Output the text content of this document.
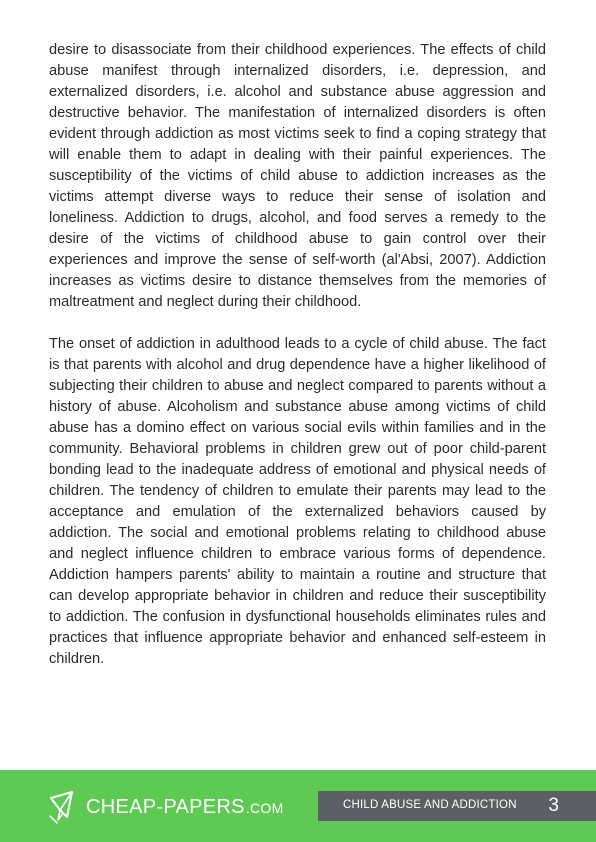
desire to disassociate from their childhood experiences. The effects of child abuse manifest through internalized disorders, i.e. depression, and externalized disorders, i.e. alcohol and substance abuse aggression and destructive behavior. The manifestation of internalized disorders is often evident through addiction as most victims seek to find a coping strategy that will enable them to adapt in dealing with their painful experiences. The susceptibility of the victims of child abuse to addiction increases as the victims attempt diverse ways to reduce their sense of isolation and loneliness. Addiction to drugs, alcohol, and food serves a remedy to the desire of the victims of childhood abuse to gain control over their experiences and improve the sense of self-worth (al'Absi, 2007). Addiction increases as victims desire to distance themselves from the memories of maltreatment and neglect during their childhood.

The onset of addiction in adulthood leads to a cycle of child abuse. The fact is that parents with alcohol and drug dependence have a higher likelihood of subjecting their children to abuse and neglect compared to parents without a history of abuse. Alcoholism and substance abuse among victims of child abuse has a domino effect on various social evils within families and in the community. Behavioral problems in children grew out of poor child-parent bonding lead to the inadequate address of emotional and physical needs of children. The tendency of children to emulate their parents may lead to the acceptance and emulation of the externalized behaviors caused by addiction. The social and emotional problems relating to childhood abuse and neglect influence children to embrace various forms of dependence. Addiction hampers parents' ability to maintain a routine and structure that can develop appropriate behavior in children and reduce their susceptibility to addiction. The confusion in dysfunctional households eliminates rules and practices that influence appropriate behavior and enhanced self-esteem in children.

CHEAP-PAPERS.COM	CHILD ABUSE AND ADDICTION 3
